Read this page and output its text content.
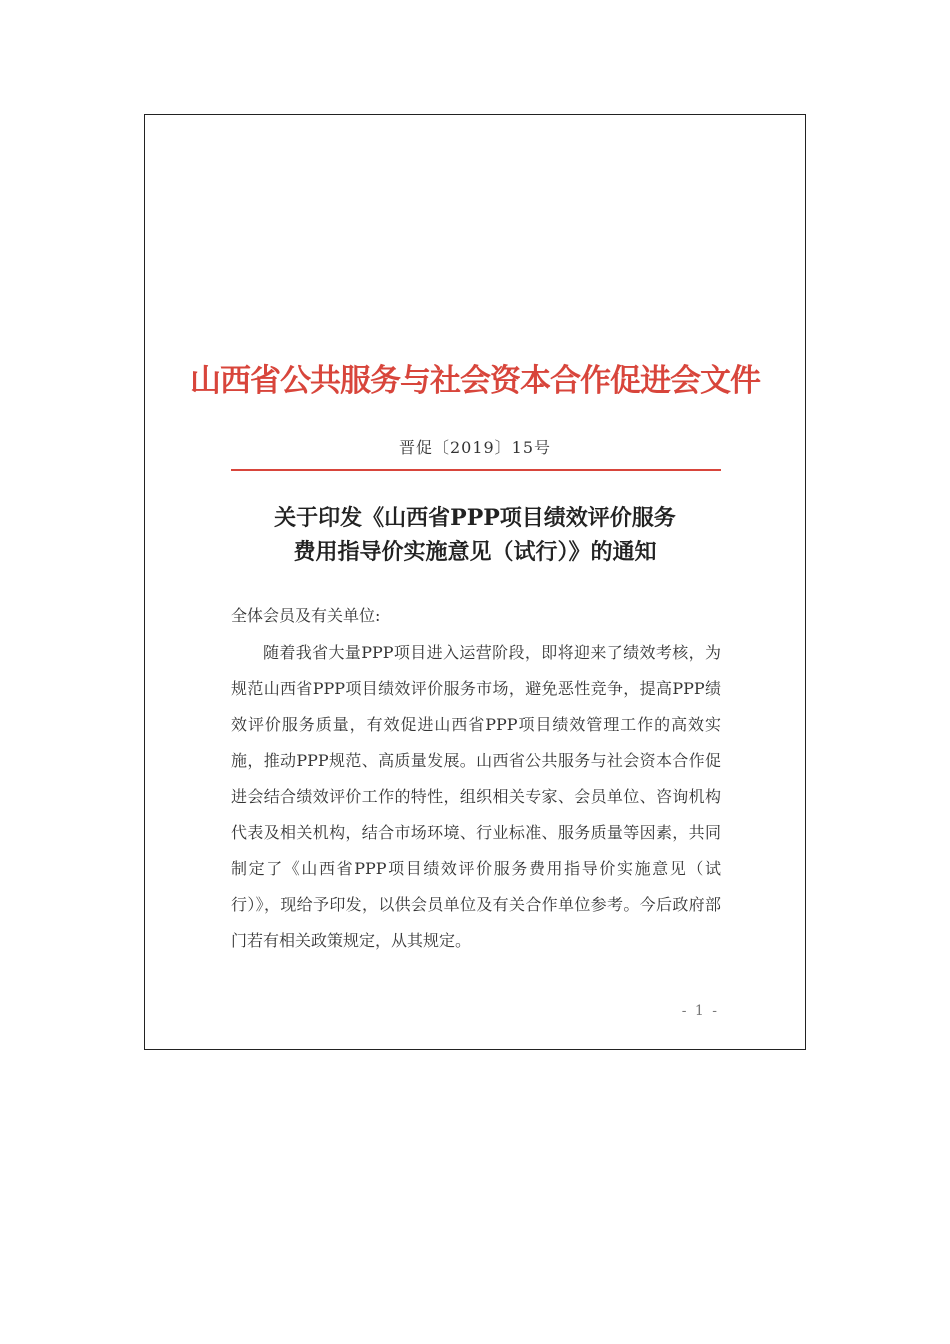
山西省公共服务与社会资本合作促进会文件
晋促〔2019〕15号
关于印发《山西省PPP项目绩效评价服务
费用指导价实施意见（试行）》的通知
全体会员及有关单位:

随着我省大量PPP项目进入运营阶段，即将迎来了绩效考核，为规范山西省PPP项目绩效评价服务市场，避免恶性竞争，提高PPP绩效评价服务质量，有效促进山西省PPP项目绩效管理工作的高效实施，推动PPP规范、高质量发展。山西省公共服务与社会资本合作促进会结合绩效评价工作的特性，组织相关专家、会员单位、咨询机构代表及相关机构，结合市场环境、行业标准、服务质量等因素，共同制定了《山西省PPP项目绩效评价服务费用指导价实施意见（试行）》，现给予印发，以供会员单位及有关合作单位参考。今后政府部门若有相关政策规定，从其规定。

- 1 -
